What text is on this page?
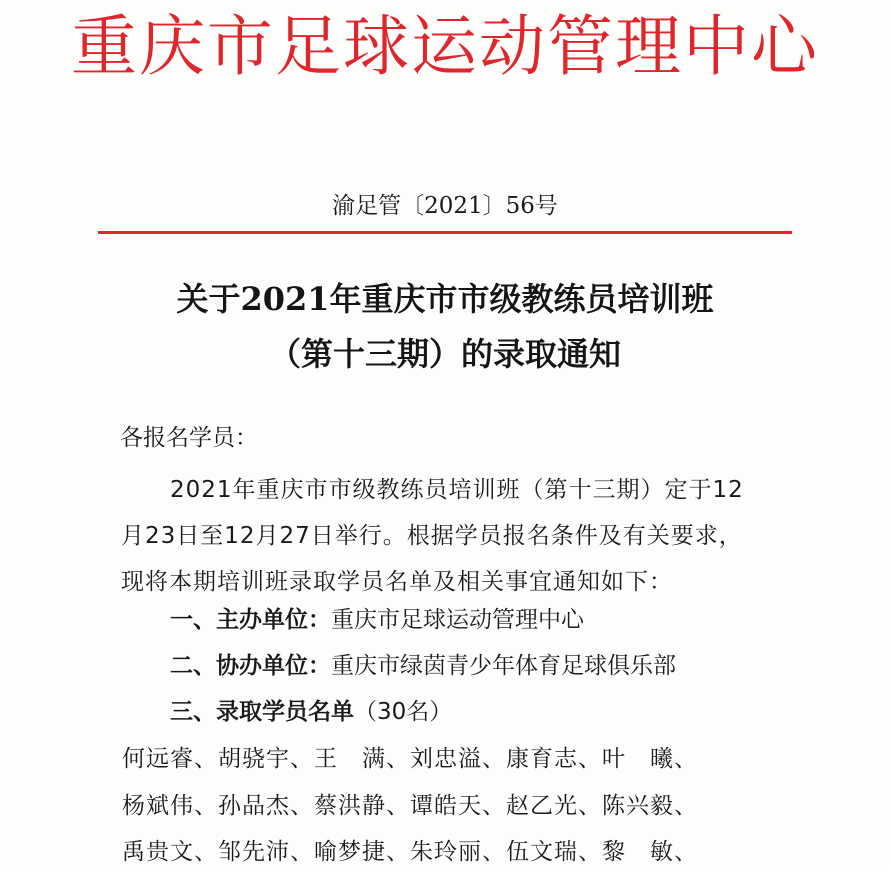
重庆市足球运动管理中心
渝足管〔2021〕56号
关于2021年重庆市市级教练员培训班
（第十三期）的录取通知
各报名学员：
2021年重庆市市级教练员培训班（第十三期）定于12
月23日至12月27日举行。根据学员报名条件及有关要求，
现将本期培训班录取学员名单及相关事宜通知如下：
一、主办单位：重庆市足球运动管理中心
二、协办单位：重庆市绿茵青少年体育足球俱乐部
三、录取学员名单（30名）
何远睿、胡骁宇、王　满、刘忠溢、康育志、叶　曦、
杨斌伟、孙品杰、蔡洪静、谭皓天、赵乙光、陈兴毅、
禹贵文、邹先沛、喻梦捷、朱玲丽、伍文瑞、黎　敏、
